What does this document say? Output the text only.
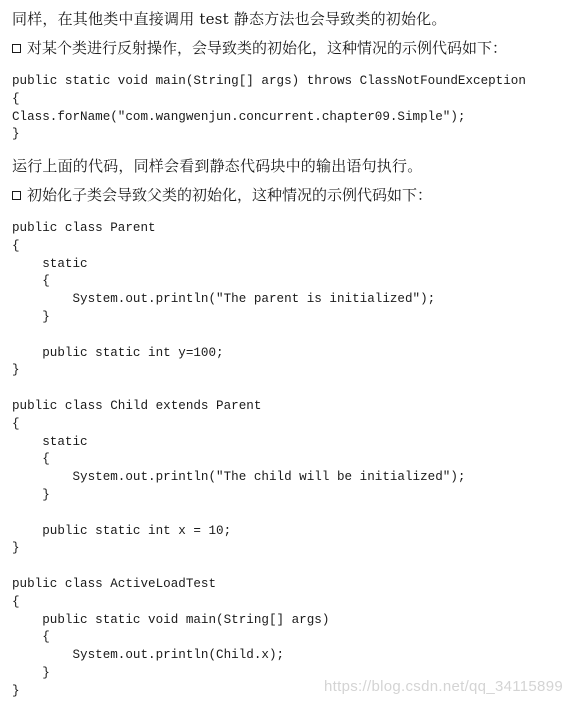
同样，在其他类中直接调用 test 静态方法也会导致类的初始化。
对某个类进行反射操作，会导致类的初始化，这种情况的示例代码如下：
public static void main(String[] args) throws ClassNotFoundException
{
Class.forName("com.wangwenjun.concurrent.chapter09.Simple");
}
运行上面的代码，同样会看到静态代码块中的输出语句执行。
初始化子类会导致父类的初始化，这种情况的示例代码如下：
public class Parent
{
static
{
System.out.println("The parent is initialized");
}

public static int y=100;
}

public class Child extends Parent
{
static
{
System.out.println("The child will be initialized");
}

public static int x = 10;
}

public class ActiveLoadTest
{
public static void main(String[] args)
{
System.out.println(Child.x);
}
}	https://blog.csdn.net/qq_34115899
